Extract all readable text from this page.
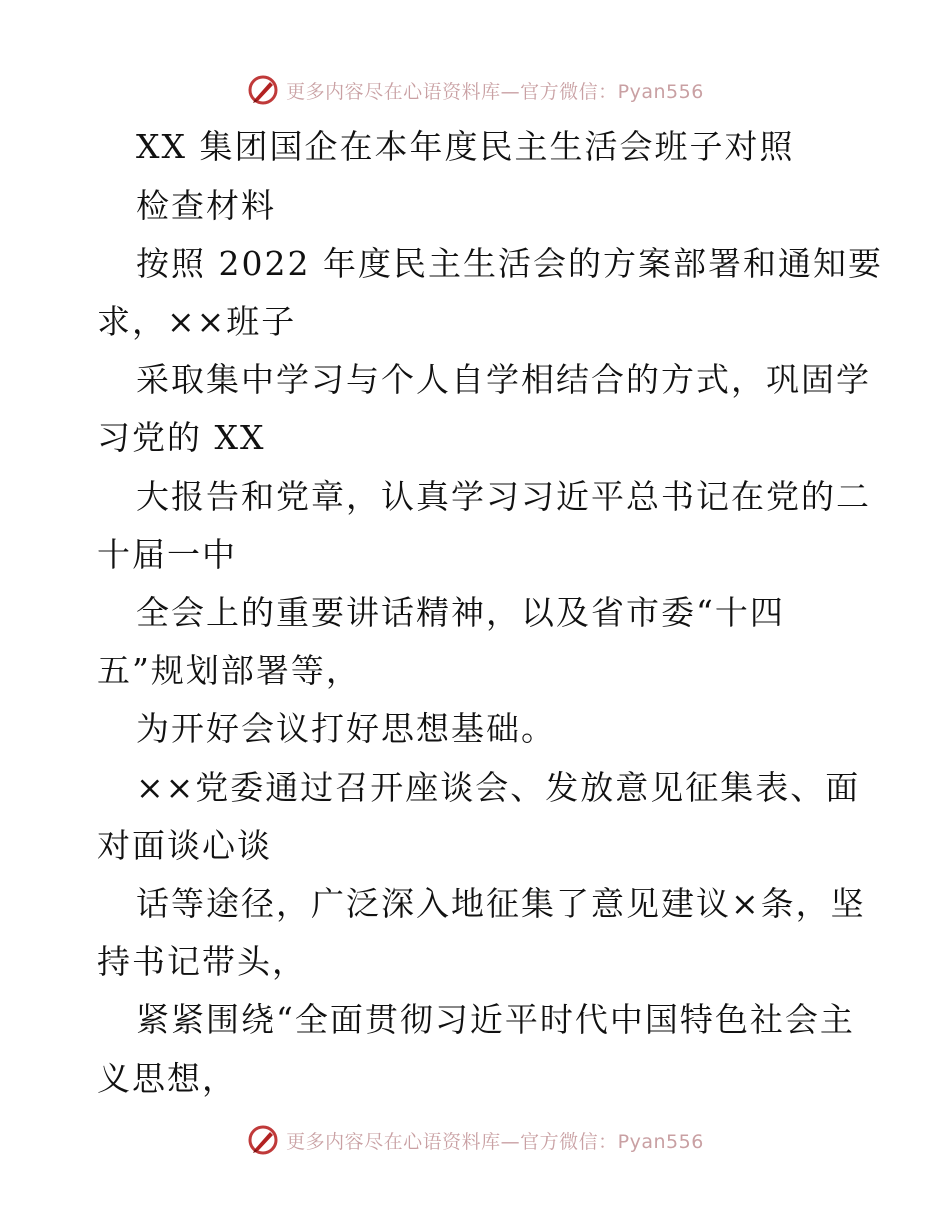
更多内容尽在心语资料库—官方微信：Pyan556
XX 集团国企在本年度民主生活会班子对照
检查材料
按照 2022 年度民主生活会的方案部署和通知要
求，××班子
采取集中学习与个人自学相结合的方式，巩固学
习党的 XX
大报告和党章，认真学习习近平总书记在党的二
十届一中
全会上的重要讲话精神，以及省市委“十四
五”规划部署等，
为开好会议打好思想基础。
××党委通过召开座谈会、发放意见征集表、面
对面谈心谈
话等途径，广泛深入地征集了意见建议×条，坚
持书记带头，
紧紧围绕“全面贯彻习近平时代中国特色社会主
义思想，
更多内容尽在心语资料库—官方微信：Pyan556
